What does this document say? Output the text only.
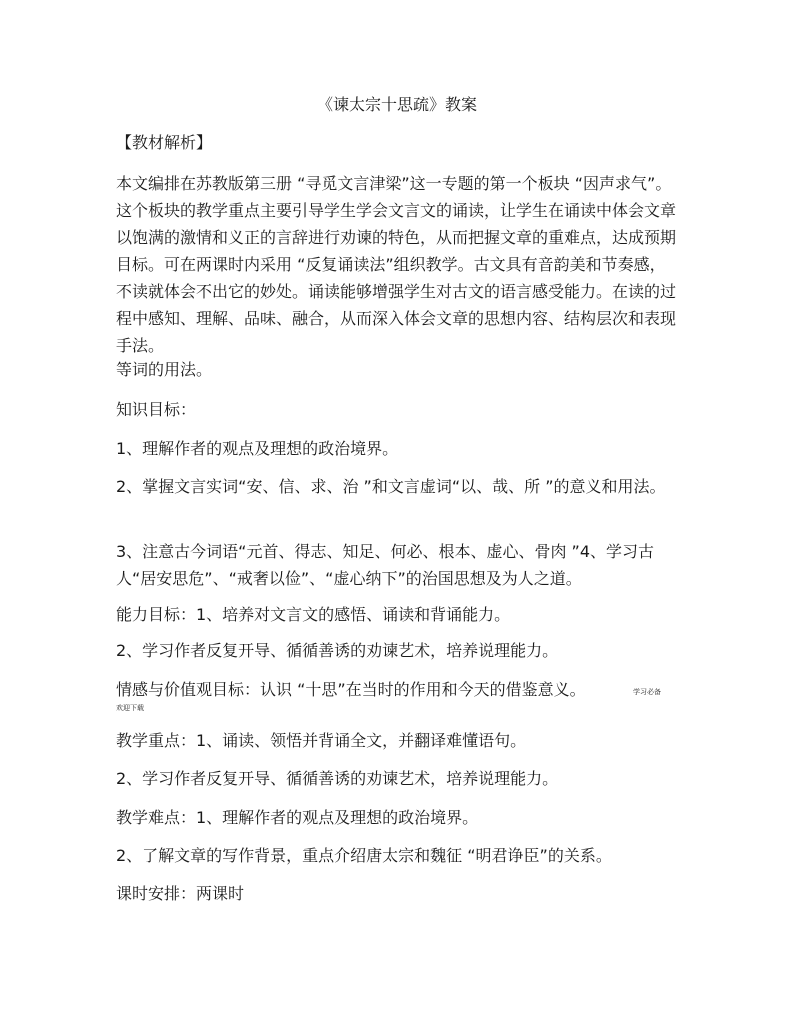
《谏太宗十思疏》教案
【教材解析】

本文编排在苏教版第三册 “寻觅文言津梁”这一专题的第一个板块 “因声求气”。这个板块的教学重点主要引导学生学会文言文的诵读，让学生在诵读中体会文章以饱满的激情和义正的言辞进行劝谏的特色，从而把握文章的重难点，达成预期目标。可在两课时内采用 “反复诵读法”组织教学。古文具有音韵美和节奏感，不读就体会不出它的妙处。诵读能够增强学生对古文的语言感受能力。在读的过程中感知、理解、品味、融合，从而深入体会文章的思想内容、结构层次和表现手法。

等词的用法。

知识目标：

1、理解作者的观点及理想的政治境界。

2、掌握文言实词“安、信、求、治 ”和文言虚词“以、哉、所 ”的意义和用法。

3、注意古今词语“元首、得志、知足、何必、根本、虚心、骨肉 ”4、学习古人“居安思危”、“戒奢以俭”、“虚心纳下”的治国思想及为人之道。

能力目标：1、培养对文言文的感悟、诵读和背诵能力。

2、学习作者反复开导、循循善诱的劝谏艺术，培养说理能力。

情感与价值观目标：认识 “十思”在当时的作用和今天的借鉴意义。	学习必备
欢迎下载

教学重点：1、诵读、领悟并背诵全文，并翻译难懂语句。

2、学习作者反复开导、循循善诱的劝谏艺术，培养说理能力。

教学难点：1、理解作者的观点及理想的政治境界。

2、了解文章的写作背景，重点介绍唐太宗和魏征 “明君诤臣”的关系。

课时安排：两课时
